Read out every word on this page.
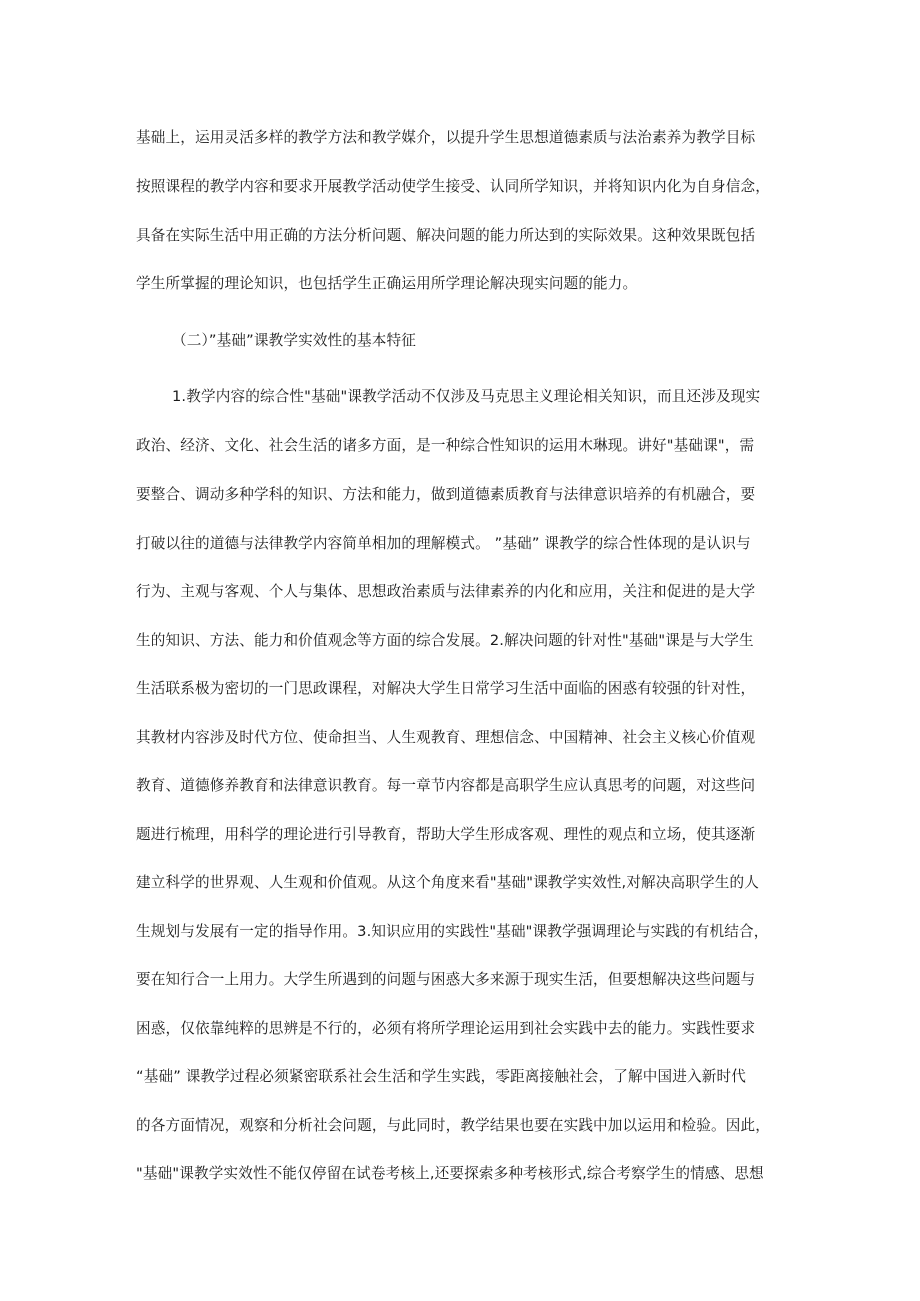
基础上，运用灵活多样的教学方法和教学媒介，以提升学生思想道德素质与法治素养为教学目标
按照课程的教学内容和要求开展教学活动使学生接受、认同所学知识，并将知识内化为自身信念，
具备在实际生活中用正确的方法分析问题、解决问题的能力所达到的实际效果。这种效果既包括
学生所掌握的理论知识，也包括学生正确运用所学理论解决现实问题的能力。
（二）”基础”课教学实效性的基本特征
1.教学内容的综合性"基础"课教学活动不仅涉及马克思主义理论相关知识，而且还涉及现实
政治、经济、文化、社会生活的诸多方面，是一种综合性知识的运用木琳现。讲好"基础课"，需
要整合、调动多种学科的知识、方法和能力，做到道德素质教育与法律意识培养的有机融合，要
打破以往的道德与法律教学内容简单相加的理解模式。 ”基础” 课教学的综合性体现的是认识与
行为、主观与客观、个人与集体、思想政治素质与法律素养的内化和应用，关注和促进的是大学
生的知识、方法、能力和价值观念等方面的综合发展。2.解决问题的针对性"基础"课是与大学生
生活联系极为密切的一门思政课程，对解决大学生日常学习生活中面临的困惑有较强的针对性，
其教材内容涉及时代方位、使命担当、人生观教育、理想信念、中国精神、社会主义核心价值观
教育、道德修养教育和法律意识教育。每一章节内容都是高职学生应认真思考的问题，对这些问
题进行梳理，用科学的理论进行引导教育，帮助大学生形成客观、理性的观点和立场，使其逐渐
建立科学的世界观、人生观和价值观。从这个角度来看"基础"课教学实效性,对解决高职学生的人
生规划与发展有一定的指导作用。3.知识应用的实践性"基础"课教学强调理论与实践的有机结合，
要在知行合一上用力。大学生所遇到的问题与困惑大多来源于现实生活，但要想解决这些问题与
困惑，仅依靠纯粹的思辨是不行的，必须有将所学理论运用到社会实践中去的能力。实践性要求
“基础” 课教学过程必须紧密联系社会生活和学生实践，零距离接触社会，了解中国进入新时代
的各方面情况，观察和分析社会问题，与此同时，教学结果也要在实践中加以运用和检验。因此，
"基础"课教学实效性不能仅停留在试卷考核上,还要探索多种考核形式,综合考察学生的情感、思想
